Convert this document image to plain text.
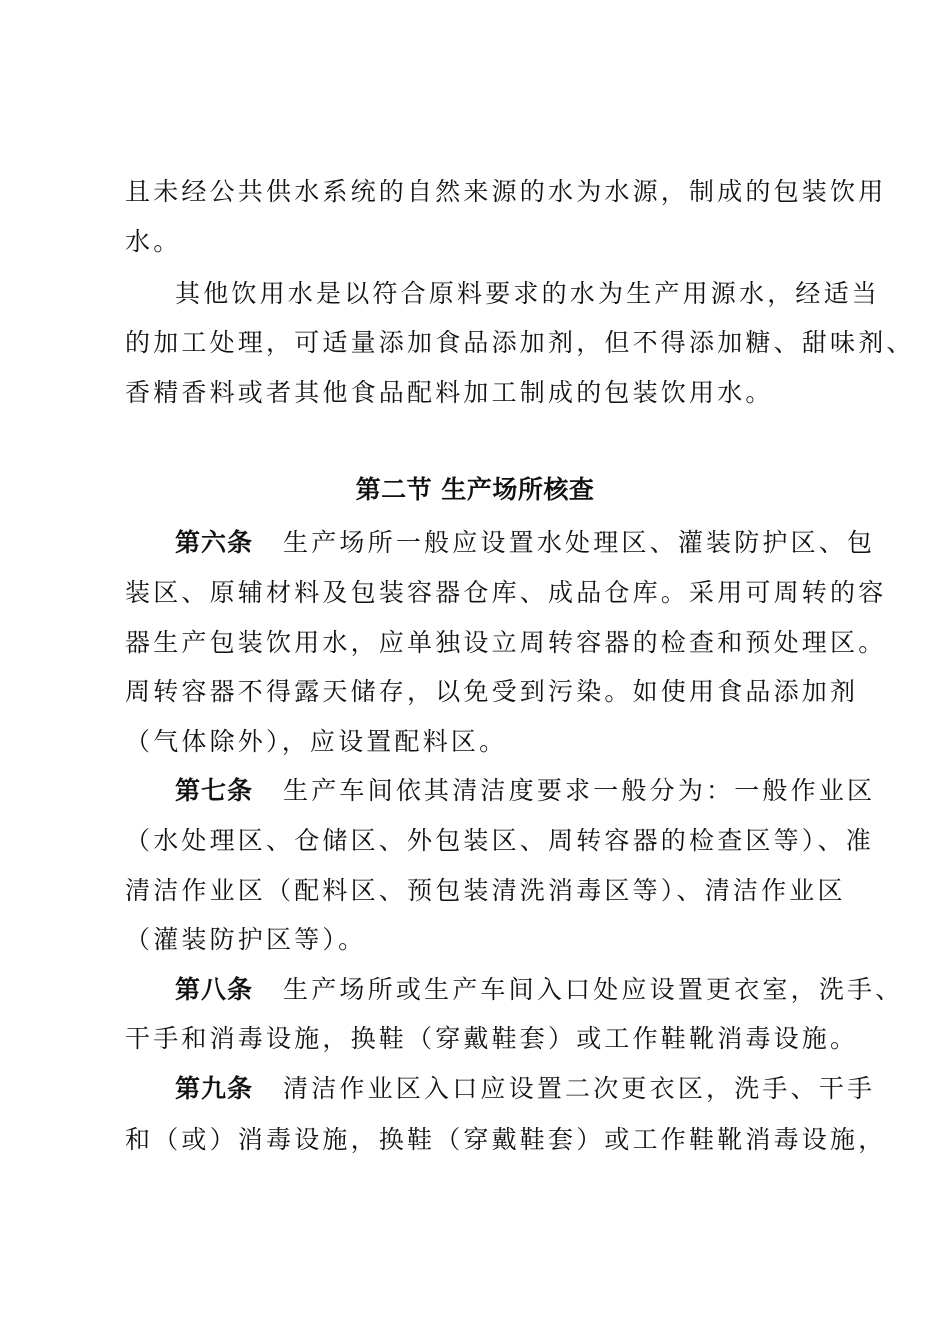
且未经公共供水系统的自然来源的水为水源，制成的包装饮用
水。
其他饮用水是以符合原料要求的水为生产用源水，经适当
的加工处理，可适量添加食品添加剂，但不得添加糖、甜味剂、
香精香料或者其他食品配料加工制成的包装饮用水。
第二节 生产场所核查
第六条 生产场所一般应设置水处理区、灌装防护区、包
装区、原辅材料及包装容器仓库、成品仓库。采用可周转的容
器生产包装饮用水，应单独设立周转容器的检查和预处理区。
周转容器不得露天储存，以免受到污染。如使用食品添加剂
（气体除外），应设置配料区。
第七条 生产车间依其清洁度要求一般分为：一般作业区
（水处理区、仓储区、外包装区、周转容器的检查区等）、准
清洁作业区（配料区、预包装清洗消毒区等）、清洁作业区
（灌装防护区等）。
第八条 生产场所或生产车间入口处应设置更衣室，洗手、
干手和消毒设施，换鞋（穿戴鞋套）或工作鞋靴消毒设施。
第九条 清洁作业区入口应设置二次更衣区，洗手、干手
和（或）消毒设施，换鞋（穿戴鞋套）或工作鞋靴消毒设施，
